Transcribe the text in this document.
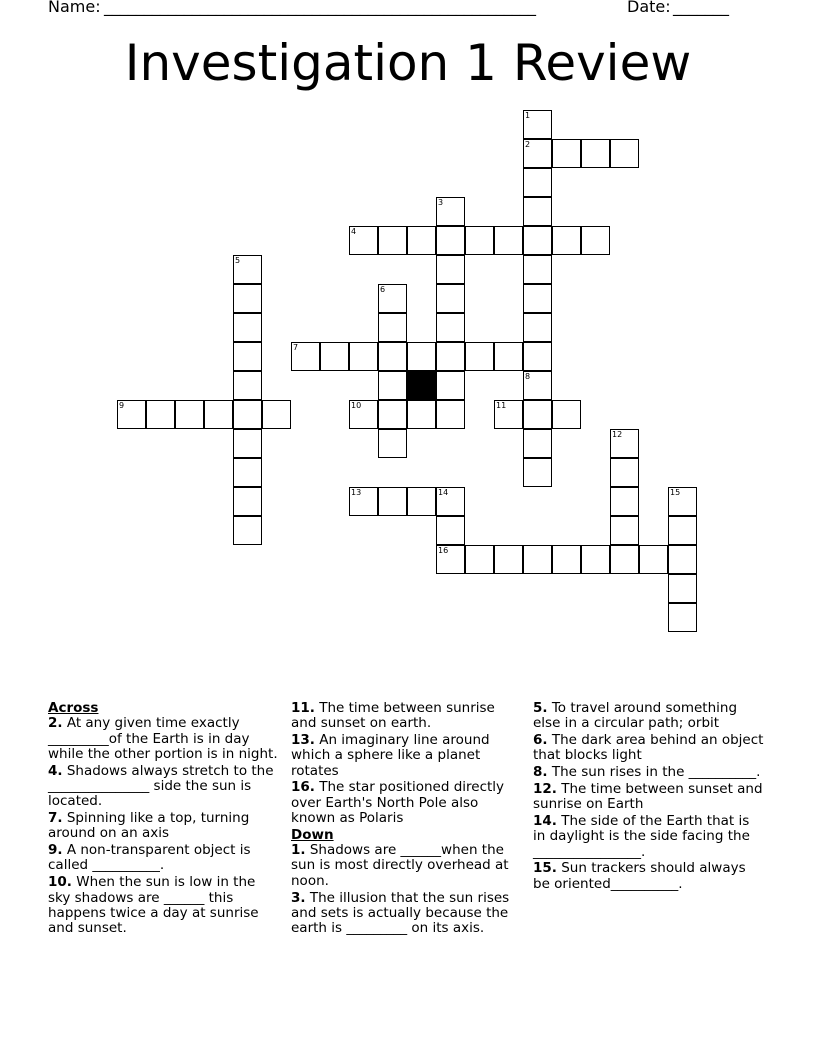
Name: ______________________________________________________	Date: _______
Investigation 1 Review
1
2
3
4
5
6
7
8
9	10	11
12
13	14	15
16
Across
2. At any given time exactly _________of the Earth is in day while the other portion is in night.
4. Shadows always stretch to the _______________ side the sun is located.
7. Spinning like a top, turning around on an axis
9. A non-transparent object is called __________.
10. When the sun is low in the sky shadows are ______ this happens twice a day at sunrise and sunset.
11. The time between sunrise and sunset on earth.
13. An imaginary line around which a sphere like a planet rotates
16. The star positioned directly over Earth's North Pole also known as Polaris
Down
1. Shadows are ______when the sun is most directly overhead at noon.
3. The illusion that the sun rises and sets is actually because the earth is _________ on its axis.
5. To travel around something else in a circular path; orbit
6. The dark area behind an object that blocks light
8. The sun rises in the __________.
12. The time between sunset and sunrise on Earth
14. The side of the Earth that is in daylight is the side facing the ________________.
15. Sun trackers should always be oriented__________.
